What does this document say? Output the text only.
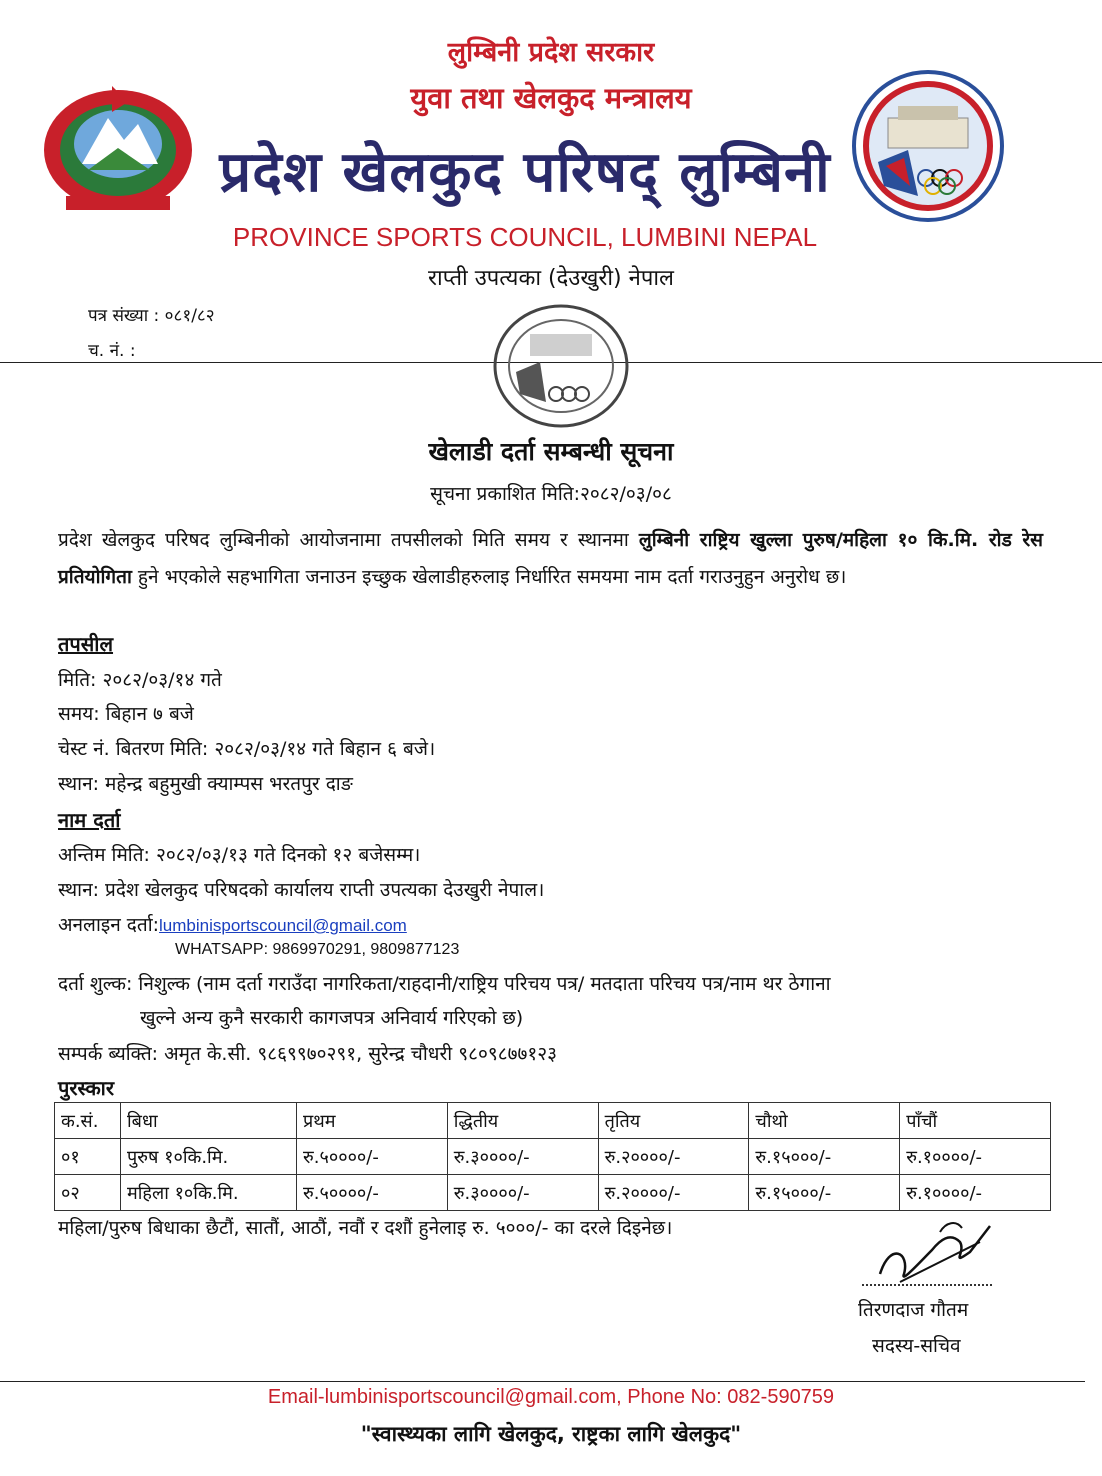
लुम्बिनी प्रदेश सरकार
युवा तथा खेलकुद मन्त्रालय
प्रदेश खेलकुद परिषद् लुम्बिनी
PROVINCE SPORTS COUNCIL, LUMBINI NEPAL
राप्ती उपत्यका (देउखुरी) नेपाल
पत्र संख्या : ०८१/८२
च. नं. :
खेलाडी दर्ता सम्बन्धी सूचना
सूचना प्रकाशित मिति:२०८२/०३/०८
प्रदेश खेलकुद परिषद लुम्बिनीको आयोजनामा तपसीलको मिति समय र स्थानमा लुम्बिनी राष्ट्रिय खुल्ला पुरुष/महिला १० कि.मि. रोड रेस प्रतियोगिता हुने भएकोले सहभागिता जनाउन इच्छुक खेलाडीहरुलाइ निर्धारित समयमा नाम दर्ता गराउनुहुन अनुरोध छ।
तपसील
मिति: २०८२/०३/१४ गते
समय: बिहान ७ बजे
चेस्ट नं. बितरण मिति: २०८२/०३/१४ गते बिहान ६ बजे।
स्थान: महेन्द्र बहुमुखी क्याम्पस भरतपुर दाङ
नाम दर्ता
अन्तिम मिति: २०८२/०३/१३ गते दिनको १२ बजेसम्म।
स्थान: प्रदेश खेलकुद परिषदको कार्यालय राप्ती उपत्यका देउखुरी नेपाल।
अनलाइन दर्ता:lumbinisportscouncil@gmail.com
WHATSAPP: 9869970291, 9809877123
दर्ता शुल्क: निशुल्क (नाम दर्ता गराउँदा नागरिकता/राहदानी/राष्ट्रिय परिचय पत्र/ मतदाता परिचय पत्र/नाम थर ठेगाना
खुल्ने अन्य कुनै सरकारी कागजपत्र अनिवार्य गरिएको छ)
सम्पर्क ब्यक्ति: अमृत के.सी. ९८६९९७०२९१, सुरेन्द्र चौधरी ९८०९८७७१२३
पुरस्कार
क.सं.	बिधा	प्रथम	द्धितीय	तृतिय	चौथो	पाँचौं
०१	पुरुष १०कि.मि.	रु.५००००/-	रु.३००००/-	रु.२००००/-	रु.१५०००/-	रु.१००००/-
०२	महिला १०कि.मि.	रु.५००००/-	रु.३००००/-	रु.२००००/-	रु.१५०००/-	रु.१००००/-
महिला/पुरुष बिधाका छैटौं, सातौं, आठौं, नवौं र दशौं हुनेलाइ रु. ५०००/- का दरले दिइनेछ।
तिरणदाज गौतम
सदस्य-सचिव
Email-lumbinisportscouncil@gmail.com, Phone No: 082-590759
"स्वास्थ्यका लागि खेलकुद, राष्ट्रका लागि खेलकुद"
